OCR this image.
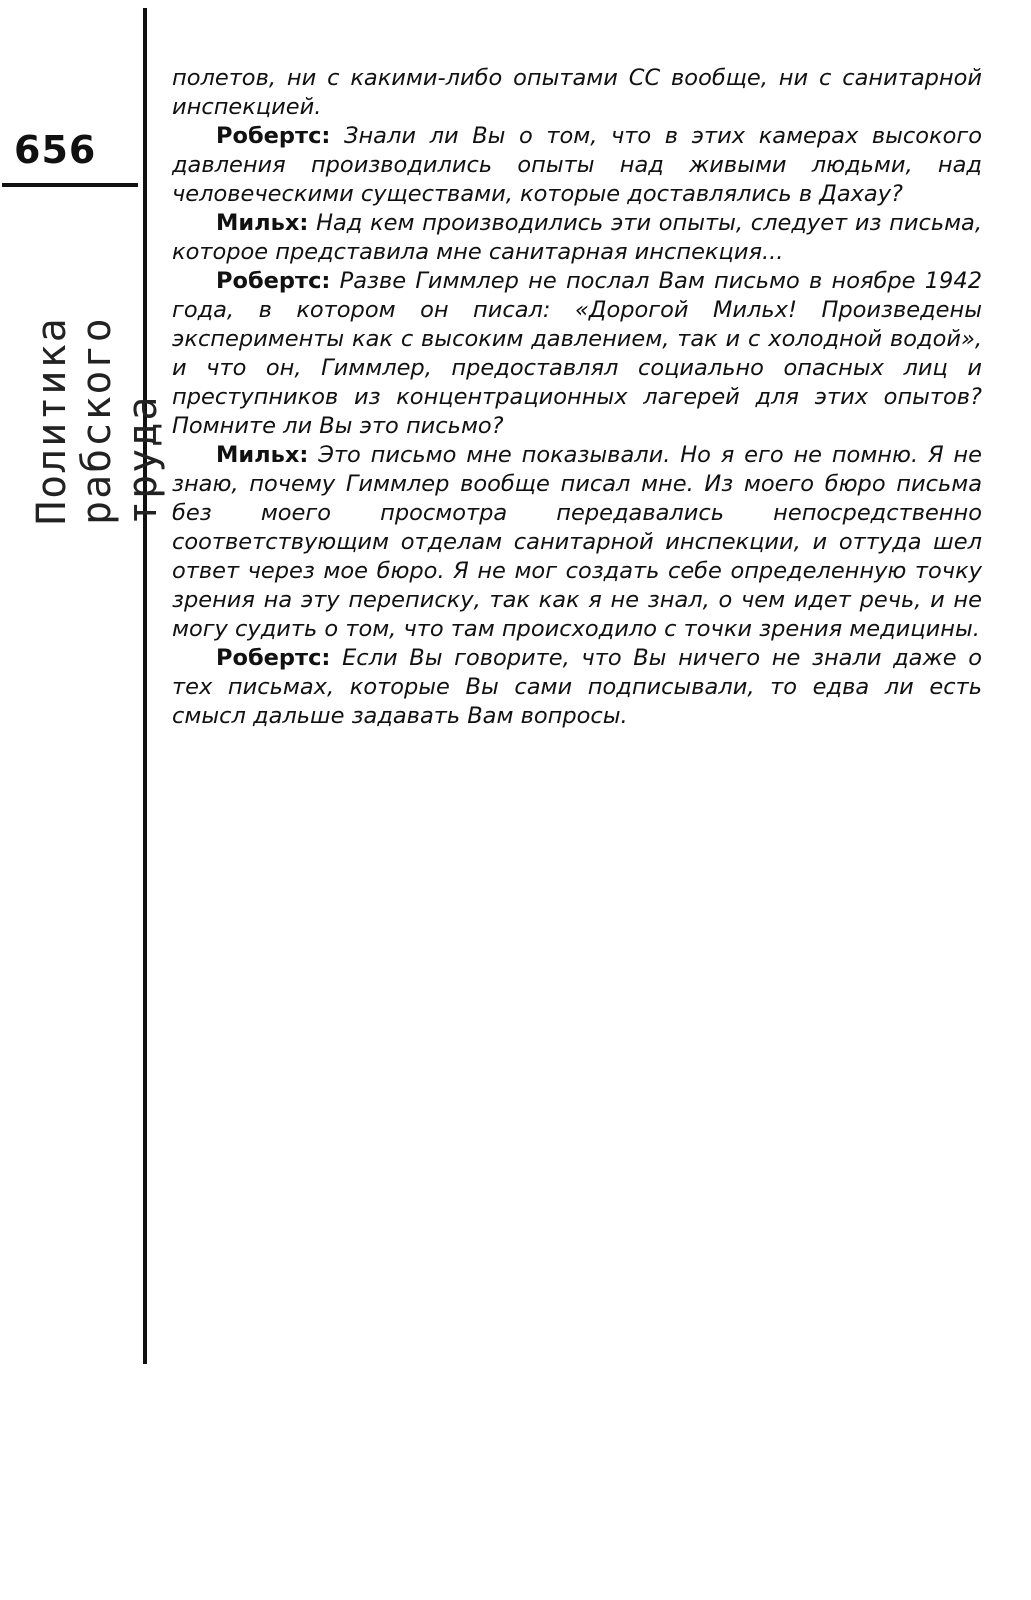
656
Политика рабского труда

полетов, ни с какими-либо опытами СС вообще, ни с санитарной инспекцией.

Робертс: Знали ли Вы о том, что в этих камерах высокого давления производились опыты над живыми людьми, над человеческими существами, которые доставлялись в Дахау?

Мильх: Над кем производились эти опыты, следует из письма, которое представила мне санитарная инспекция...

Робертс: Разве Гиммлер не послал Вам письмо в ноябре 1942 года, в котором он писал: «Дорогой Мильх! Произведены эксперименты как с высоким давлением, так и с холодной водой», и что он, Гиммлер, предоставлял социально опасных лиц и преступников из концентрационных лагерей для этих опытов? Помните ли Вы это письмо?

Мильх: Это письмо мне показывали. Но я его не помню. Я не знаю, почему Гиммлер вообще писал мне. Из моего бюро письма без моего просмотра передавались непосредственно соответствующим отделам санитарной инспекции, и оттуда шел ответ через мое бюро. Я не мог создать себе определенную точку зрения на эту переписку, так как я не знал, о чем идет речь, и не могу судить о том, что там происходило с точки зрения медицины.

Робертс: Если Вы говорите, что Вы ничего не знали даже о тех письмах, которые Вы сами подписывали, то едва ли есть смысл дальше задавать Вам вопросы.
